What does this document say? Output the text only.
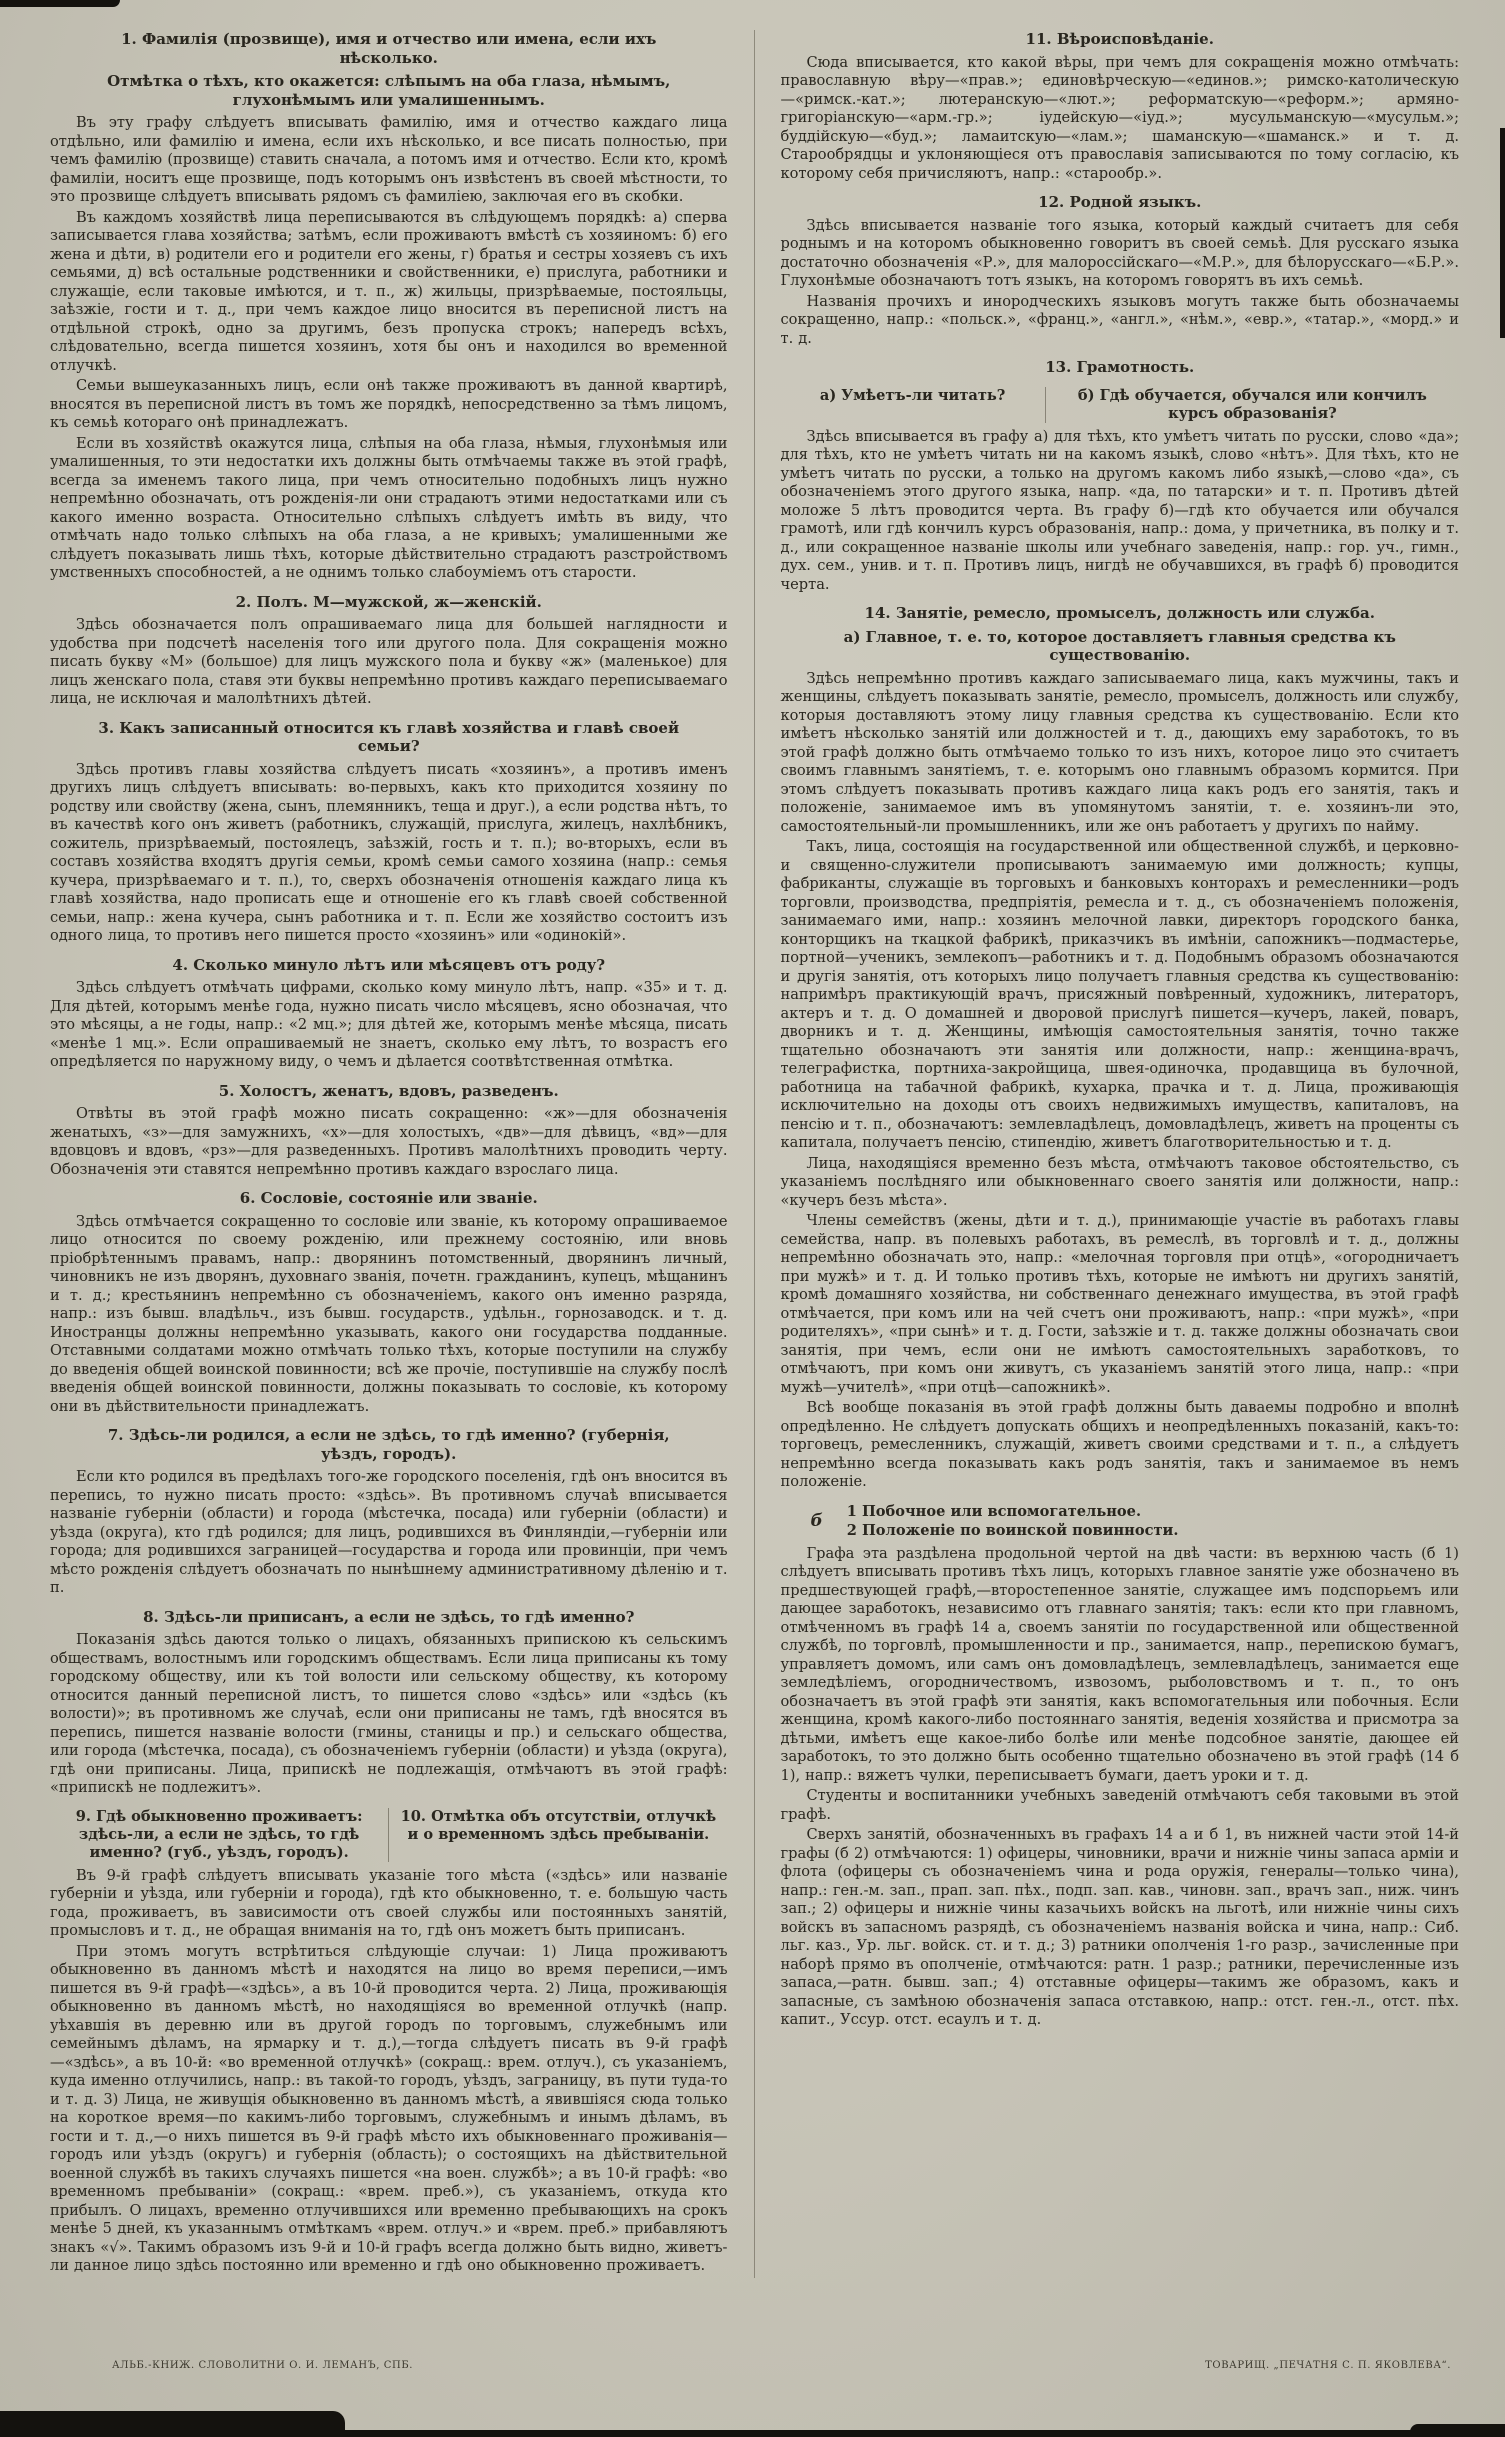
1. Фамилія (прозвище), имя и отчество или имена, если ихъ нѣсколько.
Отмѣтка о тѣхъ, кто окажется: слѣпымъ на оба глаза, нѣмымъ, глухонѣмымъ или умалишеннымъ.

Въ эту графу слѣдуетъ вписывать фамилію, имя и отчество каждаго лица отдѣльно, или фамилію и имена, если ихъ нѣсколько, и все писать полностью, при чемъ фамилію (прозвище) ставить сначала, а потомъ имя и отчество. Если кто, кромѣ фамиліи, носитъ еще прозвище, подъ которымъ онъ извѣстенъ въ своей мѣстности, то это прозвище слѣдуетъ вписывать рядомъ съ фамиліею, заключая его въ скобки.

Въ каждомъ хозяйствѣ лица переписываются въ слѣдующемъ порядкѣ: а) сперва записывается глава хозяйства; затѣмъ, если проживаютъ вмѣстѣ съ хозяиномъ: б) его жена и дѣти, в) родители его и родители его жены, г) братья и сестры хозяевъ съ ихъ семьями, д) всѣ остальные родственники и свойственники, е) прислуга, работники и служащіе, если таковые имѣются, и т. п., ж) жильцы, призрѣваемые, постояльцы, заѣзжіе, гости и т. д., при чемъ каждое лицо вносится въ переписной листъ на отдѣльной строкѣ, одно за другимъ, безъ пропуска строкъ; напередъ всѣхъ, слѣдовательно, всегда пишется хозяинъ, хотя бы онъ и находился во временной отлучкѣ.

Семьи вышеуказанныхъ лицъ, если онѣ также проживаютъ въ данной квартирѣ, вносятся въ переписной листъ въ томъ же порядкѣ, непосредственно за тѣмъ лицомъ, къ семьѣ котораго онѣ принадлежатъ.

Если въ хозяйствѣ окажутся лица, слѣпыя на оба глаза, нѣмыя, глухонѣмыя или умалишенныя, то эти недостатки ихъ должны быть отмѣчаемы также въ этой графѣ, всегда за именемъ такого лица, при чемъ относительно подобныхъ лицъ нужно непремѣнно обозначать, отъ рожденія-ли они страдаютъ этими недостатками или съ какого именно возраста. Относительно слѣпыхъ слѣдуетъ имѣть въ виду, что отмѣчать надо только слѣпыхъ на оба глаза, а не кривыхъ; умалишенными же слѣдуетъ показывать лишь тѣхъ, которые дѣйствительно страдаютъ разстройствомъ умственныхъ способностей, а не однимъ только слабоуміемъ отъ старости.

2. Полъ. М—мужской, ж—женскій.

Здѣсь обозначается полъ опрашиваемаго лица для большей наглядности и удобства при подсчетѣ населенія того или другого пола. Для сокращенія можно писать букву «М» (большое) для лицъ мужского пола и букву «ж» (маленькое) для лицъ женскаго пола, ставя эти буквы непремѣнно противъ каждаго переписываемаго лица, не исключая и малолѣтнихъ дѣтей.

3. Какъ записанный относится къ главѣ хозяйства и главѣ своей семьи?

Здѣсь противъ главы хозяйства слѣдуетъ писать «хозяинъ», а противъ именъ другихъ лицъ слѣдуетъ вписывать: во-первыхъ, какъ кто приходится хозяину по родству или свойству (жена, сынъ, племянникъ, теща и друг.), а если родства нѣтъ, то въ качествѣ кого онъ живетъ (работникъ, служащій, прислуга, жилецъ, нахлѣбникъ, сожитель, призрѣваемый, постоялецъ, заѣзжій, гость и т. п.); во-вторыхъ, если въ составъ хозяйства входятъ другія семьи, кромѣ семьи самого хозяина (напр.: семья кучера, призрѣваемаго и т. п.), то, сверхъ обозначенія отношенія каждаго лица къ главѣ хозяйства, надо прописать еще и отношеніе его къ главѣ своей собственной семьи, напр.: жена кучера, сынъ работника и т. п. Если же хозяйство состоитъ изъ одного лица, то противъ него пишется просто «хозяинъ» или «одинокій».

4. Сколько минуло лѣтъ или мѣсяцевъ отъ роду?

Здѣсь слѣдуетъ отмѣчать цифрами, сколько кому минуло лѣтъ, напр. «35» и т. д. Для дѣтей, которымъ менѣе года, нужно писать число мѣсяцевъ, ясно обозначая, что это мѣсяцы, а не годы, напр.: «2 мц.»; для дѣтей же, которымъ менѣе мѣсяца, писать «менѣе 1 мц.». Если опрашиваемый не знаетъ, сколько ему лѣтъ, то возрастъ его опредѣляется по наружному виду, о чемъ и дѣлается соотвѣтственная отмѣтка.

5. Холостъ, женатъ, вдовъ, разведенъ.

Отвѣты въ этой графѣ можно писать сокращенно: «ж»—для обозначенія женатыхъ, «з»—для замужнихъ, «х»—для холостыхъ, «дв»—для дѣвицъ, «вд»—для вдовцовъ и вдовъ, «рз»—для разведенныхъ. Противъ малолѣтнихъ проводить черту. Обозначенія эти ставятся непремѣнно противъ каждаго взрослаго лица.

6. Сословіе, состояніе или званіе.

Здѣсь отмѣчается сокращенно то сословіе или званіе, къ которому опрашиваемое лицо относится по своему рожденію, или прежнему состоянію, или вновь пріобрѣтеннымъ правамъ, напр.: дворянинъ потомственный, дворянинъ личный, чиновникъ не изъ дворянъ, духовнаго званія, почетн. гражданинъ, купецъ, мѣщанинъ и т. д.; крестьянинъ непремѣнно съ обозначеніемъ, какого онъ именно разряда, напр.: изъ бывш. владѣльч., изъ бывш. государств., удѣльн., горнозаводск. и т. д. Иностранцы должны непремѣнно указывать, какого они государства подданные. Отставными солдатами можно отмѣчать только тѣхъ, которые поступили на службу до введенія общей воинской повинности; всѣ же прочіе, поступившіе на службу послѣ введенія общей воинской повинности, должны показывать то сословіе, къ которому они въ дѣйствительности принадлежатъ.

7. Здѣсь-ли родился, а если не здѣсь, то гдѣ именно? (губернія, уѣздъ, городъ).

Если кто родился въ предѣлахъ того-же городского поселенія, гдѣ онъ вносится въ перепись, то нужно писать просто: «здѣсь». Въ противномъ случаѣ вписывается названіе губерніи (области) и города (мѣстечка, посада) или губерніи (области) и уѣзда (округа), кто гдѣ родился; для лицъ, родившихся въ Финляндіи,—губерніи или города; для родившихся заграницей—государства и города или провинціи, при чемъ мѣсто рожденія слѣдуетъ обозначать по нынѣшнему административному дѣленію и т. п.

8. Здѣсь-ли приписанъ, а если не здѣсь, то гдѣ именно?

Показанія здѣсь даются только о лицахъ, обязанныхъ припискою къ сельскимъ обществамъ, волостнымъ или городскимъ обществамъ. Если лица приписаны къ тому городскому обществу, или къ той волости или сельскому обществу, къ которому относится данный переписной листъ, то пишется слово «здѣсь» или «здѣсь (къ волости)»; въ противномъ же случаѣ, если они приписаны не тамъ, гдѣ вносятся въ перепись, пишется названіе волости (гмины, станицы и пр.) и сельскаго общества, или города (мѣстечка, посада), съ обозначеніемъ губерніи (области) и уѣзда (округа), гдѣ они приписаны. Лица, припискѣ не подлежащія, отмѣчаютъ въ этой графѣ: «припискѣ не подлежитъ».

9. Гдѣ обыкновенно проживаетъ: здѣсь-ли, а если не здѣсь, то гдѣ именно? (губ., уѣздъ, городъ).
10. Отмѣтка объ отсутствіи, отлучкѣ и о временномъ здѣсь пребываніи.

Въ 9-й графѣ слѣдуетъ вписывать указаніе того мѣста («здѣсь» или названіе губерніи и уѣзда, или губерніи и города), гдѣ кто обыкновенно, т. е. большую часть года, проживаетъ, въ зависимости отъ своей службы или постоянныхъ занятій, промысловъ и т. д., не обращая вниманія на то, гдѣ онъ можетъ быть приписанъ.

При этомъ могутъ встрѣтиться слѣдующіе случаи: 1) Лица проживаютъ обыкновенно въ данномъ мѣстѣ и находятся на лицо во время переписи,—имъ пишется въ 9-й графѣ—«здѣсь», а въ 10-й проводится черта. 2) Лица, проживающія обыкновенно въ данномъ мѣстѣ, но находящіяся во временной отлучкѣ (напр. уѣхавшія въ деревню или въ другой городъ по торговымъ, служебнымъ или семейнымъ дѣламъ, на ярмарку и т. д.),—тогда слѣдуетъ писать въ 9-й графѣ—«здѣсь», а въ 10-й: «во временной отлучкѣ» (сокращ.: врем. отлуч.), съ указаніемъ, куда именно отлучились, напр.: въ такой-то городъ, уѣздъ, заграницу, въ пути туда-то и т. д. 3) Лица, не живущія обыкновенно въ данномъ мѣстѣ, а явившіяся сюда только на короткое время—по какимъ-либо торговымъ, служебнымъ и инымъ дѣламъ, въ гости и т. д.,—о нихъ пишется въ 9-й графѣ мѣсто ихъ обыкновеннаго проживанія—городъ или уѣздъ (округъ) и губернія (область); о состоящихъ на дѣйствительной военной службѣ въ такихъ случаяхъ пишется «на воен. службѣ»; а въ 10-й графѣ: «во временномъ пребываніи» (сокращ.: «врем. преб.»), съ указаніемъ, откуда кто прибылъ. О лицахъ, временно отлучившихся или временно пребывающихъ на срокъ менѣе 5 дней, къ указаннымъ отмѣткамъ «врем. отлуч.» и «врем. преб.» прибавляютъ знакъ «√». Такимъ образомъ изъ 9-й и 10-й графъ всегда должно быть видно, живетъ-ли данное лицо здѣсь постоянно или временно и гдѣ оно обыкновенно проживаетъ.

11. Вѣроисповѣданіе.

Сюда вписывается, кто какой вѣры, при чемъ для сокращенія можно отмѣчать: православную вѣру—«прав.»; единовѣрческую—«единов.»; римско-католическую—«римск.-кат.»; лютеранскую—«лют.»; реформатскую—«реформ.»; армяно-григоріанскую—«арм.-гр.»; іудейскую—«іуд.»; мусульманскую—«мусульм.»; буддійскую—«буд.»; ламаитскую—«лам.»; шаманскую—«шаманск.» и т. д. Старообрядцы и уклоняющіеся отъ православія записываются по тому согласію, къ которому себя причисляютъ, напр.: «старообр.».

12. Родной языкъ.

Здѣсь вписывается названіе того языка, который каждый считаетъ для себя роднымъ и на которомъ обыкновенно говоритъ въ своей семьѣ. Для русскаго языка достаточно обозначенія «Р.», для малороссійскаго—«М.Р.», для бѣлорусскаго—«Б.Р.». Глухонѣмые обозначаютъ тотъ языкъ, на которомъ говорятъ въ ихъ семьѣ.

Названія прочихъ и инородческихъ языковъ могутъ также быть обозначаемы сокращенно, напр.: «польск.», «франц.», «англ.», «нѣм.», «евр.», «татар.», «морд.» и т. д.

13. Грамотность.
а) Умѣетъ-ли читать?	б) Гдѣ обучается, обучался или кончилъ курсъ образованія?

Здѣсь вписывается въ графу а) для тѣхъ, кто умѣетъ читать по русски, слово «да»; для тѣхъ, кто не умѣетъ читать ни на какомъ языкѣ, слово «нѣтъ». Для тѣхъ, кто не умѣетъ читать по русски, а только на другомъ какомъ либо языкѣ,—слово «да», съ обозначеніемъ этого другого языка, напр. «да, по татарски» и т. п. Противъ дѣтей моложе 5 лѣтъ проводится черта. Въ графу б)—гдѣ кто обучается или обучался грамотѣ, или гдѣ кончилъ курсъ образованія, напр.: дома, у причетника, въ полку и т. д., или сокращенное названіе школы или учебнаго заведенія, напр.: гор. уч., гимн., дух. сем., унив. и т. п. Противъ лицъ, нигдѣ не обучавшихся, въ графѣ б) проводится черта.

14. Занятіе, ремесло, промыселъ, должность или служба.
а) Главное, т. е. то, которое доставляетъ главныя средства къ существованію.

Здѣсь непремѣнно противъ каждаго записываемаго лица, какъ мужчины, такъ и женщины, слѣдуетъ показывать занятіе, ремесло, промыселъ, должность или службу, которыя доставляютъ этому лицу главныя средства къ существованію. Если кто имѣетъ нѣсколько занятій или должностей и т. д., дающихъ ему заработокъ, то въ этой графѣ должно быть отмѣчаемо только то изъ нихъ, которое лицо это считаетъ своимъ главнымъ занятіемъ, т. е. которымъ оно главнымъ образомъ кормится. При этомъ слѣдуетъ показывать противъ каждаго лица какъ родъ его занятія, такъ и положеніе, занимаемое имъ въ упомянутомъ занятіи, т. е. хозяинъ-ли это, самостоятельный-ли промышленникъ, или же онъ работаетъ у другихъ по найму.

Такъ, лица, состоящія на государственной или общественной службѣ, и церковно- и священно-служители прописываютъ занимаемую ими должность; купцы, фабриканты, служащіе въ торговыхъ и банковыхъ конторахъ и ремесленники—родъ торговли, производства, предпріятія, ремесла и т. д., съ обозначеніемъ положенія, занимаемаго ими, напр.: хозяинъ мелочной лавки, директоръ городского банка, конторщикъ на ткацкой фабрикѣ, приказчикъ въ имѣніи, сапожникъ—подмастерье, портной—ученикъ, землекопъ—работникъ и т. д. Подобнымъ образомъ обозначаются и другія занятія, отъ которыхъ лицо получаетъ главныя средства къ существованію: напримѣръ практикующій врачъ, присяжный повѣренный, художникъ, литераторъ, актеръ и т. д. О домашней и дворовой прислугѣ пишется—кучеръ, лакей, поваръ, дворникъ и т. д. Женщины, имѣющія самостоятельныя занятія, точно также тщательно обозначаютъ эти занятія или должности, напр.: женщина-врачъ, телеграфистка, портниха-закройщица, швея-одиночка, продавщица въ булочной, работница на табачной фабрикѣ, кухарка, прачка и т. д. Лица, проживающія исключительно на доходы отъ своихъ недвижимыхъ имуществъ, капиталовъ, на пенсію и т. п., обозначаютъ: землевладѣлецъ, домовладѣлецъ, живетъ на проценты съ капитала, получаетъ пенсію, стипендію, живетъ благотворительностью и т. д.

Лица, находящіяся временно безъ мѣста, отмѣчаютъ таковое обстоятельство, съ указаніемъ послѣдняго или обыкновеннаго своего занятія или должности, напр.: «кучеръ безъ мѣста».

Члены семействъ (жены, дѣти и т. д.), принимающіе участіе въ работахъ главы семейства, напр. въ полевыхъ работахъ, въ ремеслѣ, въ торговлѣ и т. д., должны непремѣнно обозначать это, напр.: «мелочная торговля при отцѣ», «огородничаетъ при мужѣ» и т. д. И только противъ тѣхъ, которые не имѣютъ ни другихъ занятій, кромѣ домашняго хозяйства, ни собственнаго денежнаго имущества, въ этой графѣ отмѣчается, при комъ или на чей счетъ они проживаютъ, напр.: «при мужѣ», «при родителяхъ», «при сынѣ» и т. д. Гости, заѣзжіе и т. д. также должны обозначать свои занятія, при чемъ, если они не имѣютъ самостоятельныхъ заработковъ, то отмѣчаютъ, при комъ они живутъ, съ указаніемъ занятій этого лица, напр.: «при мужѣ—учителѣ», «при отцѣ—сапожникѣ».

Всѣ вообще показанія въ этой графѣ должны быть даваемы подробно и вполнѣ опредѣленно. Не слѣдуетъ допускать общихъ и неопредѣленныхъ показаній, какъ-то: торговецъ, ремесленникъ, служащій, живетъ своими средствами и т. п., а слѣдуетъ непремѣнно всегда показывать какъ родъ занятія, такъ и занимаемое въ немъ положеніе.

б	1 Побочное или вспомогательное.
2 Положеніе по воинской повинности.

Графа эта раздѣлена продольной чертой на двѣ части: въ верхнюю часть (б 1) слѣдуетъ вписывать противъ тѣхъ лицъ, которыхъ главное занятіе уже обозначено въ предшествующей графѣ,—второстепенное занятіе, служащее имъ подспорьемъ или дающее заработокъ, независимо отъ главнаго занятія; такъ: если кто при главномъ, отмѣченномъ въ графѣ 14 а, своемъ занятіи по государственной или общественной службѣ, по торговлѣ, промышленности и пр., занимается, напр., перепискою бумагъ, управляетъ домомъ, или самъ онъ домовладѣлецъ, землевладѣлецъ, занимается еще земледѣліемъ, огородничествомъ, извозомъ, рыболовствомъ и т. п., то онъ обозначаетъ въ этой графѣ эти занятія, какъ вспомогательныя или побочныя. Если женщина, кромѣ какого-либо постояннаго занятія, веденія хозяйства и присмотра за дѣтьми, имѣетъ еще какое-либо болѣе или менѣе подсобное занятіе, дающее ей заработокъ, то это должно быть особенно тщательно обозначено въ этой графѣ (14 б 1), напр.: вяжетъ чулки, переписываетъ бумаги, даетъ уроки и т. д.

Студенты и воспитанники учебныхъ заведеній отмѣчаютъ себя таковыми въ этой графѣ.

Сверхъ занятій, обозначенныхъ въ графахъ 14 а и б 1, въ нижней части этой 14-й графы (б 2) отмѣчаются: 1) офицеры, чиновники, врачи и нижніе чины запаса арміи и флота (офицеры съ обозначеніемъ чина и рода оружія, генералы—только чина), напр.: ген.-м. зап., прап. зап. пѣх., подп. зап. кав., чиновн. зап., врачъ зап., ниж. чинъ зап.; 2) офицеры и нижніе чины казачьихъ войскъ на льготѣ, или нижніе чины сихъ войскъ въ запасномъ разрядѣ, съ обозначеніемъ названія войска и чина, напр.: Сиб. льг. каз., Ур. льг. войск. ст. и т. д.; 3) ратники ополченія 1-го разр., зачисленные при наборѣ прямо въ ополченіе, отмѣчаются: ратн. 1 разр.; ратники, перечисленные изъ запаса,—ратн. бывш. зап.; 4) отставные офицеры—такимъ же образомъ, какъ и запасные, съ замѣною обозначенія запаса отставкою, напр.: отст. ген.-л., отст. пѣх. капит., Уссур. отст. есаулъ и т. д.

АЛЬБ.-КНИЖ. СЛОВОЛИТНИ О. И. ЛЕМАНЪ, СПБ.	ТОВАРИЩ. „ПЕЧАТНЯ С. П. ЯКОВЛЕВА“.
